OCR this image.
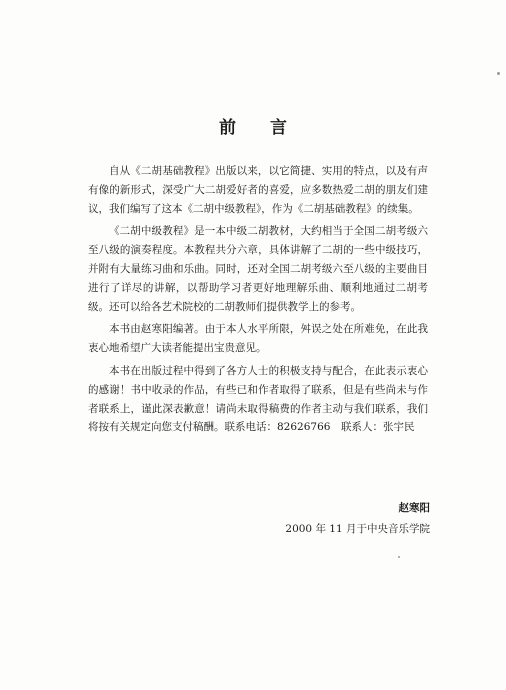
前 言

自从《二胡基础教程》出版以来，以它简捷、实用的特点，以及有声有像的新形式，深受广大二胡爱好者的喜爱，应多数热爱二胡的朋友们建议，我们编写了这本《二胡中级教程》，作为《二胡基础教程》的续集。

《二胡中级教程》是一本中级二胡教材，大约相当于全国二胡考级六至八级的演奏程度。本教程共分六章，具体讲解了二胡的一些中级技巧，并附有大量练习曲和乐曲。同时，还对全国二胡考级六至八级的主要曲目进行了详尽的讲解，以帮助学习者更好地理解乐曲、顺利地通过二胡考级。还可以给各艺术院校的二胡教师们提供教学上的参考。

本书由赵寒阳编著。由于本人水平所限，舛误之处在所难免，在此我衷心地希望广大读者能提出宝贵意见。

本书在出版过程中得到了各方人士的积极支持与配合，在此表示衷心的感谢！书中收录的作品，有些已和作者取得了联系，但是有些尚未与作者联系上，谨此深表歉意！请尚未取得稿费的作者主动与我们联系，我们将按有关规定向您支付稿酬。联系电话：82626766　联系人：张宇民

赵寒阳
2000 年 11 月于中央音乐学院
